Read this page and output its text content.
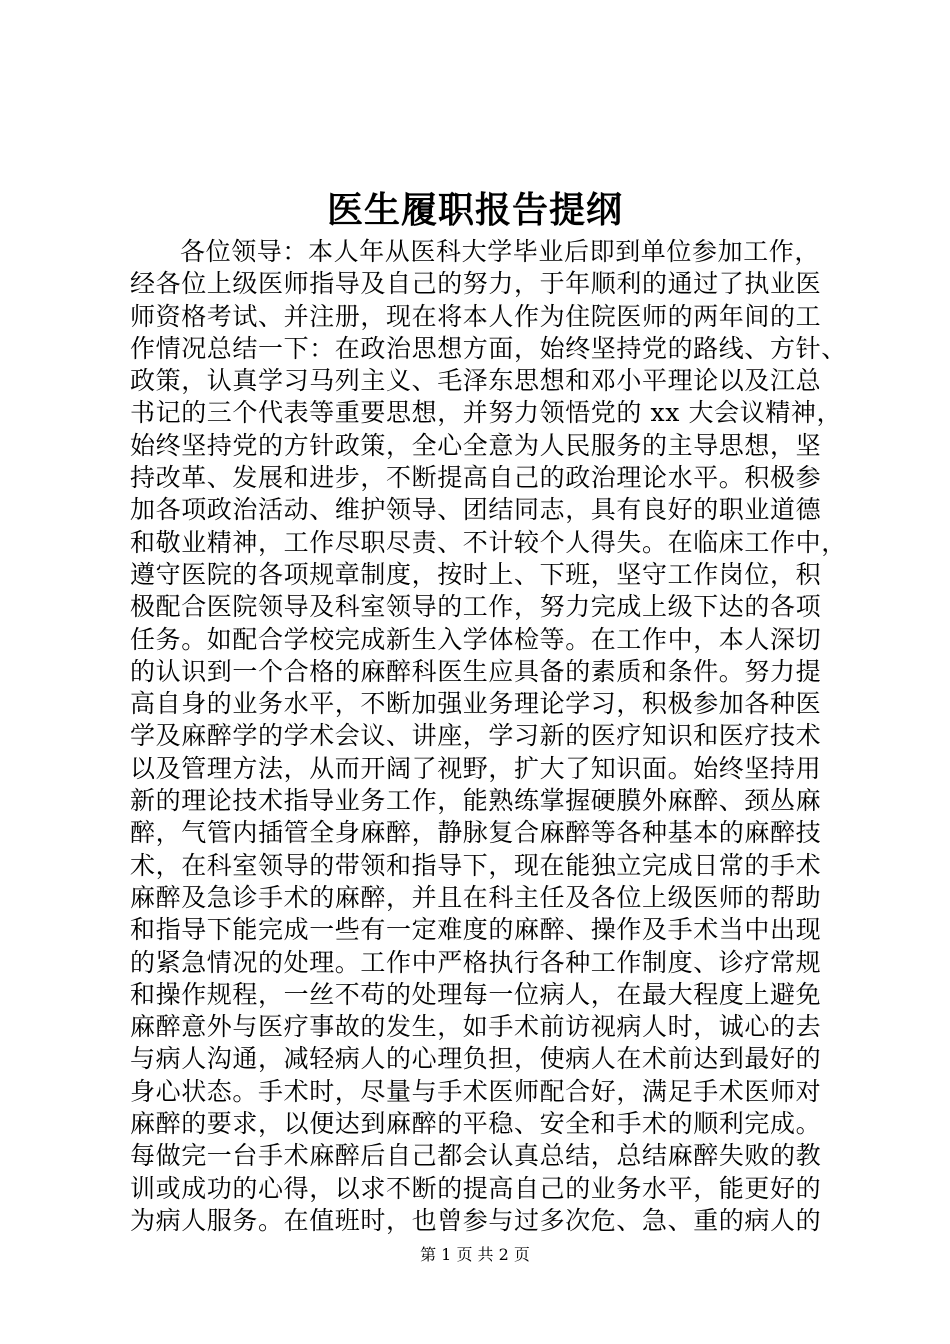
医生履职报告提纲
各位领导：本人年从医科大学毕业后即到单位参加工作，
经各位上级医师指导及自己的努力，于年顺利的通过了执业医
师资格考试、并注册，现在将本人作为住院医师的两年间的工
作情况总结一下：在政治思想方面，始终坚持党的路线、方针、
政策，认真学习马列主义、毛泽东思想和邓小平理论以及江总
书记的三个代表等重要思想，并努力领悟党的 xx 大会议精神，
始终坚持党的方针政策，全心全意为人民服务的主导思想，坚
持改革、发展和进步，不断提高自己的政治理论水平。积极参
加各项政治活动、维护领导、团结同志，具有良好的职业道德
和敬业精神，工作尽职尽责、不计较个人得失。在临床工作中，
遵守医院的各项规章制度，按时上、下班，坚守工作岗位，积
极配合医院领导及科室领导的工作，努力完成上级下达的各项
任务。如配合学校完成新生入学体检等。在工作中，本人深切
的认识到一个合格的麻醉科医生应具备的素质和条件。努力提
高自身的业务水平，不断加强业务理论学习，积极参加各种医
学及麻醉学的学术会议、讲座，学习新的医疗知识和医疗技术
以及管理方法，从而开阔了视野，扩大了知识面。始终坚持用
新的理论技术指导业务工作，能熟练掌握硬膜外麻醉、颈丛麻
醉，气管内插管全身麻醉，静脉复合麻醉等各种基本的麻醉技
术，在科室领导的带领和指导下，现在能独立完成日常的手术
麻醉及急诊手术的麻醉，并且在科主任及各位上级医师的帮助
和指导下能完成一些有一定难度的麻醉、操作及手术当中出现
的紧急情况的处理。工作中严格执行各种工作制度、诊疗常规
和操作规程，一丝不苟的处理每一位病人，在最大程度上避免
麻醉意外与医疗事故的发生，如手术前访视病人时，诚心的去
与病人沟通，减轻病人的心理负担，使病人在术前达到最好的
身心状态。手术时，尽量与手术医师配合好，满足手术医师对
麻醉的要求，以便达到麻醉的平稳、安全和手术的顺利完成。
每做完一台手术麻醉后自己都会认真总结，总结麻醉失败的教
训或成功的心得，以求不断的提高自己的业务水平，能更好的
为病人服务。在值班时，也曾参与过多次危、急、重的病人的
第 1 页 共 2 页
